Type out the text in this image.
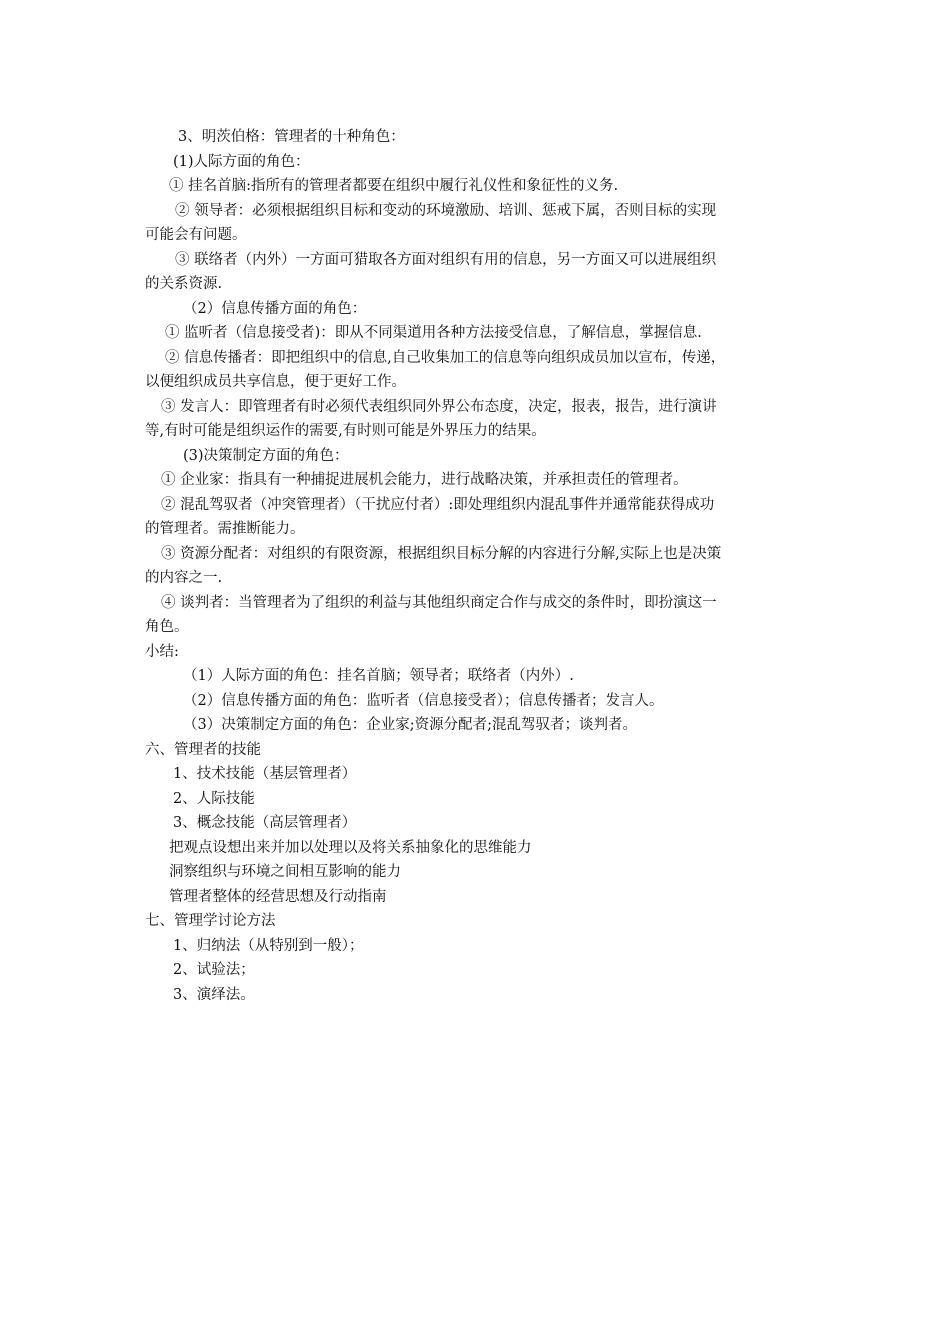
3、明茨伯格：管理者的十种角色：
(1)人际方面的角色：
① 挂名首脑:指所有的管理者都要在组织中履行礼仪性和象征性的义务.
② 领导者：必须根据组织目标和变动的环境激励、培训、惩戒下属，否则目标的实现
可能会有问题。
③ 联络者（内外）一方面可猎取各方面对组织有用的信息，另一方面又可以进展组织
的关系资源.
（2）信息传播方面的角色：
① 监听者（信息接受者)：即从不同渠道用各种方法接受信息，了解信息，掌握信息.
② 信息传播者：即把组织中的信息,自己收集加工的信息等向组织成员加以宣布，传递，
以便组织成员共享信息，便于更好工作。
③ 发言人：即管理者有时必须代表组织同外界公布态度，决定，报表，报告，进行演讲
等,有时可能是组织运作的需要,有时则可能是外界压力的结果。
(3)决策制定方面的角色：
① 企业家：指具有一种捕捉进展机会能力，进行战略决策，并承担责任的管理者。
② 混乱驾驭者（冲突管理者）（干扰应付者）:即处理组织内混乱事件并通常能获得成功
的管理者。需推断能力。
③ 资源分配者：对组织的有限资源，根据组织目标分解的内容进行分解,实际上也是决策
的内容之一.
④ 谈判者：当管理者为了组织的利益与其他组织商定合作与成交的条件时，即扮演这一
角色。
小结:
（1）人际方面的角色：挂名首脑；领导者；联络者（内外）.
（2）信息传播方面的角色：监听者（信息接受者）；信息传播者；发言人。
（3）决策制定方面的角色：企业家;资源分配者;混乱驾驭者；谈判者。
六、管理者的技能
1、技术技能（基层管理者）
2、人际技能
3、概念技能（高层管理者）
把观点设想出来并加以处理以及将关系抽象化的思维能力
洞察组织与环境之间相互影响的能力
管理者整体的经营思想及行动指南
七、管理学讨论方法
1、归纳法（从特别到一般）；
2、试验法；
3、演绎法。
